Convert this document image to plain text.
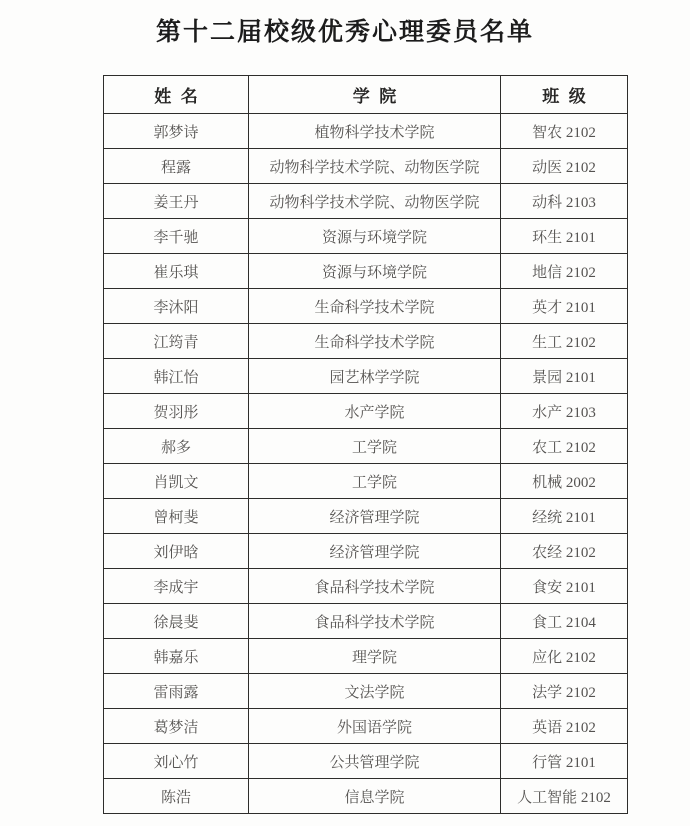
第十二届校级优秀心理委员名单
姓  名	学  院	班  级
郭梦诗	植物科学技术学院	智农 2102
程露	动物科学技术学院、动物医学院	动医 2102
姜王丹	动物科学技术学院、动物医学院	动科 2103
李千驰	资源与环境学院	环生 2101
崔乐琪	资源与环境学院	地信 2102
李沐阳	生命科学技术学院	英才 2101
江筠青	生命科学技术学院	生工 2102
韩江怡	园艺林学学院	景园 2101
贺羽彤	水产学院	水产 2103
郝多	工学院	农工 2102
肖凯文	工学院	机械 2002
曾柯斐	经济管理学院	经统 2101
刘伊晗	经济管理学院	农经 2102
李成宇	食品科学技术学院	食安 2101
徐晨斐	食品科学技术学院	食工 2104
韩嘉乐	理学院	应化 2102
雷雨露	文法学院	法学 2102
葛梦洁	外国语学院	英语 2102
刘心竹	公共管理学院	行管 2101
陈浩	信息学院	人工智能 2102
